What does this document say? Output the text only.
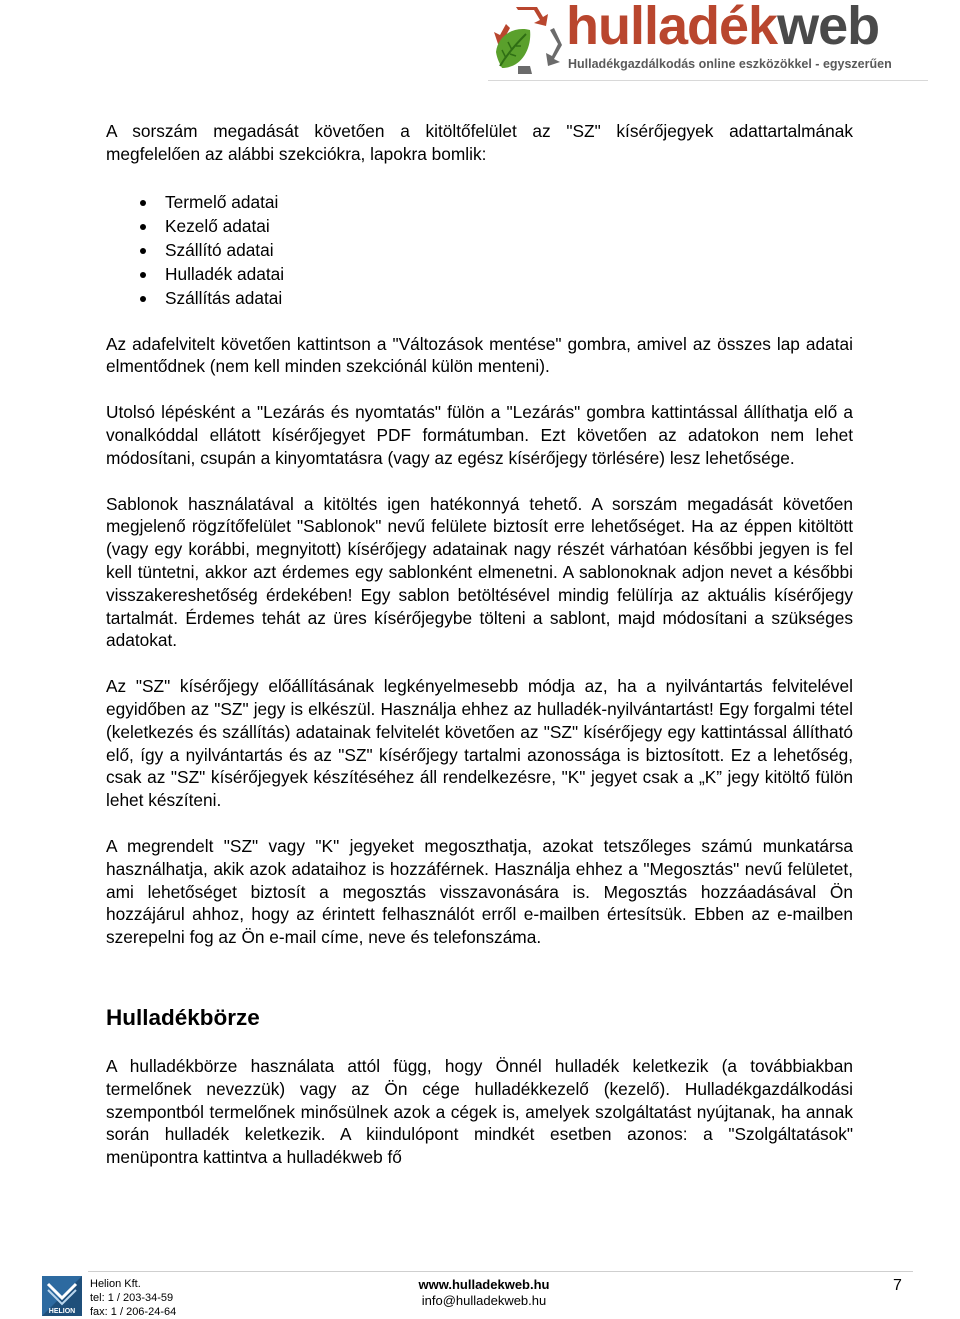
hulladékweb
Hulladékgazdálkodás online eszközökkel - egyszerűen

A sorszám megadását követően a kitöltőfelület az "SZ" kísérőjegyek adattartalmának megfelelően az alábbi szekciókra, lapokra bomlik:

Termelő adatai
Kezelő adatai
Szállító adatai
Hulladék adatai
Szállítás adatai

Az adafelvitelt követően kattintson a "Változások mentése" gombra, amivel az összes lap adatai elmentődnek (nem kell minden szekciónál külön menteni).

Utolsó lépésként a "Lezárás és nyomtatás" fülön a "Lezárás" gombra kattintással állíthatja elő a vonalkóddal ellátott kísérőjegyet PDF formátumban. Ezt követően az adatokon nem lehet módosítani, csupán a kinyomtatásra (vagy az egész kísérőjegy törlésére) lesz lehetősége.

Sablonok használatával a kitöltés igen hatékonnyá tehető. A sorszám megadását követően megjelenő rögzítőfelület "Sablonok" nevű felülete biztosít erre lehetőséget. Ha az éppen kitöltött (vagy egy korábbi, megnyitott) kísérőjegy adatainak nagy részét várhatóan későbbi jegyen is fel kell tüntetni, akkor azt érdemes egy sablonként elmenetni. A sablonoknak adjon nevet a későbbi visszakereshetőség érdekében! Egy sablon betöltésével mindig felülírja az aktuális kísérőjegy tartalmát. Érdemes tehát az üres kísérőjegybe tölteni a sablont, majd módosítani a szükséges adatokat.

Az "SZ" kísérőjegy előállításának legkényelmesebb módja az, ha a nyilvántartás felvitelével egyidőben az "SZ" jegy is elkészül. Használja ehhez az hulladék-nyilvántartást! Egy forgalmi tétel (keletkezés és szállítás) adatainak felvitelét követően az "SZ" kísérőjegy egy kattintással állítható elő, így a nyilvántartás és az "SZ" kísérőjegy tartalmi azonossága is biztosított. Ez a lehetőség, csak az "SZ" kísérőjegyek készítéséhez áll rendelkezésre, "K" jegyet csak a „K” jegy kitöltő fülön lehet készíteni.

A megrendelt "SZ" vagy "K" jegyeket megoszthatja, azokat tetszőleges számú munkatársa használhatja, akik azok adataihoz is hozzáférnek. Használja ehhez a "Megosztás" nevű felületet, ami lehetőséget biztosít a megosztás visszavonására is. Megosztás hozzáadásával Ön hozzájárul ahhoz, hogy az érintett felhasználót erről e-mailben értesítsük. Ebben az e-mailben szerepelni fog az Ön e-mail címe, neve és telefonszáma.

Hulladékbörze

A hulladékbörze használata attól függ, hogy Önnél hulladék keletkezik (a továbbiakban termelőnek nevezzük) vagy az Ön cége hulladékkezelő (kezelő). Hulladékgazdálkodási szempontból termelőnek minősülnek azok a cégek is, amelyek szolgáltatást nyújtanak, ha annak során hulladék keletkezik. A kiindulópont mindkét esetben azonos: a "Szolgáltatások" menüpontra kattintva a hulladékweb fő

HELION
Helion Kft.
tel: 1 / 203-34-59
fax: 1 / 206-24-64
www.hulladekweb.hu
info@hulladekweb.hu
7
